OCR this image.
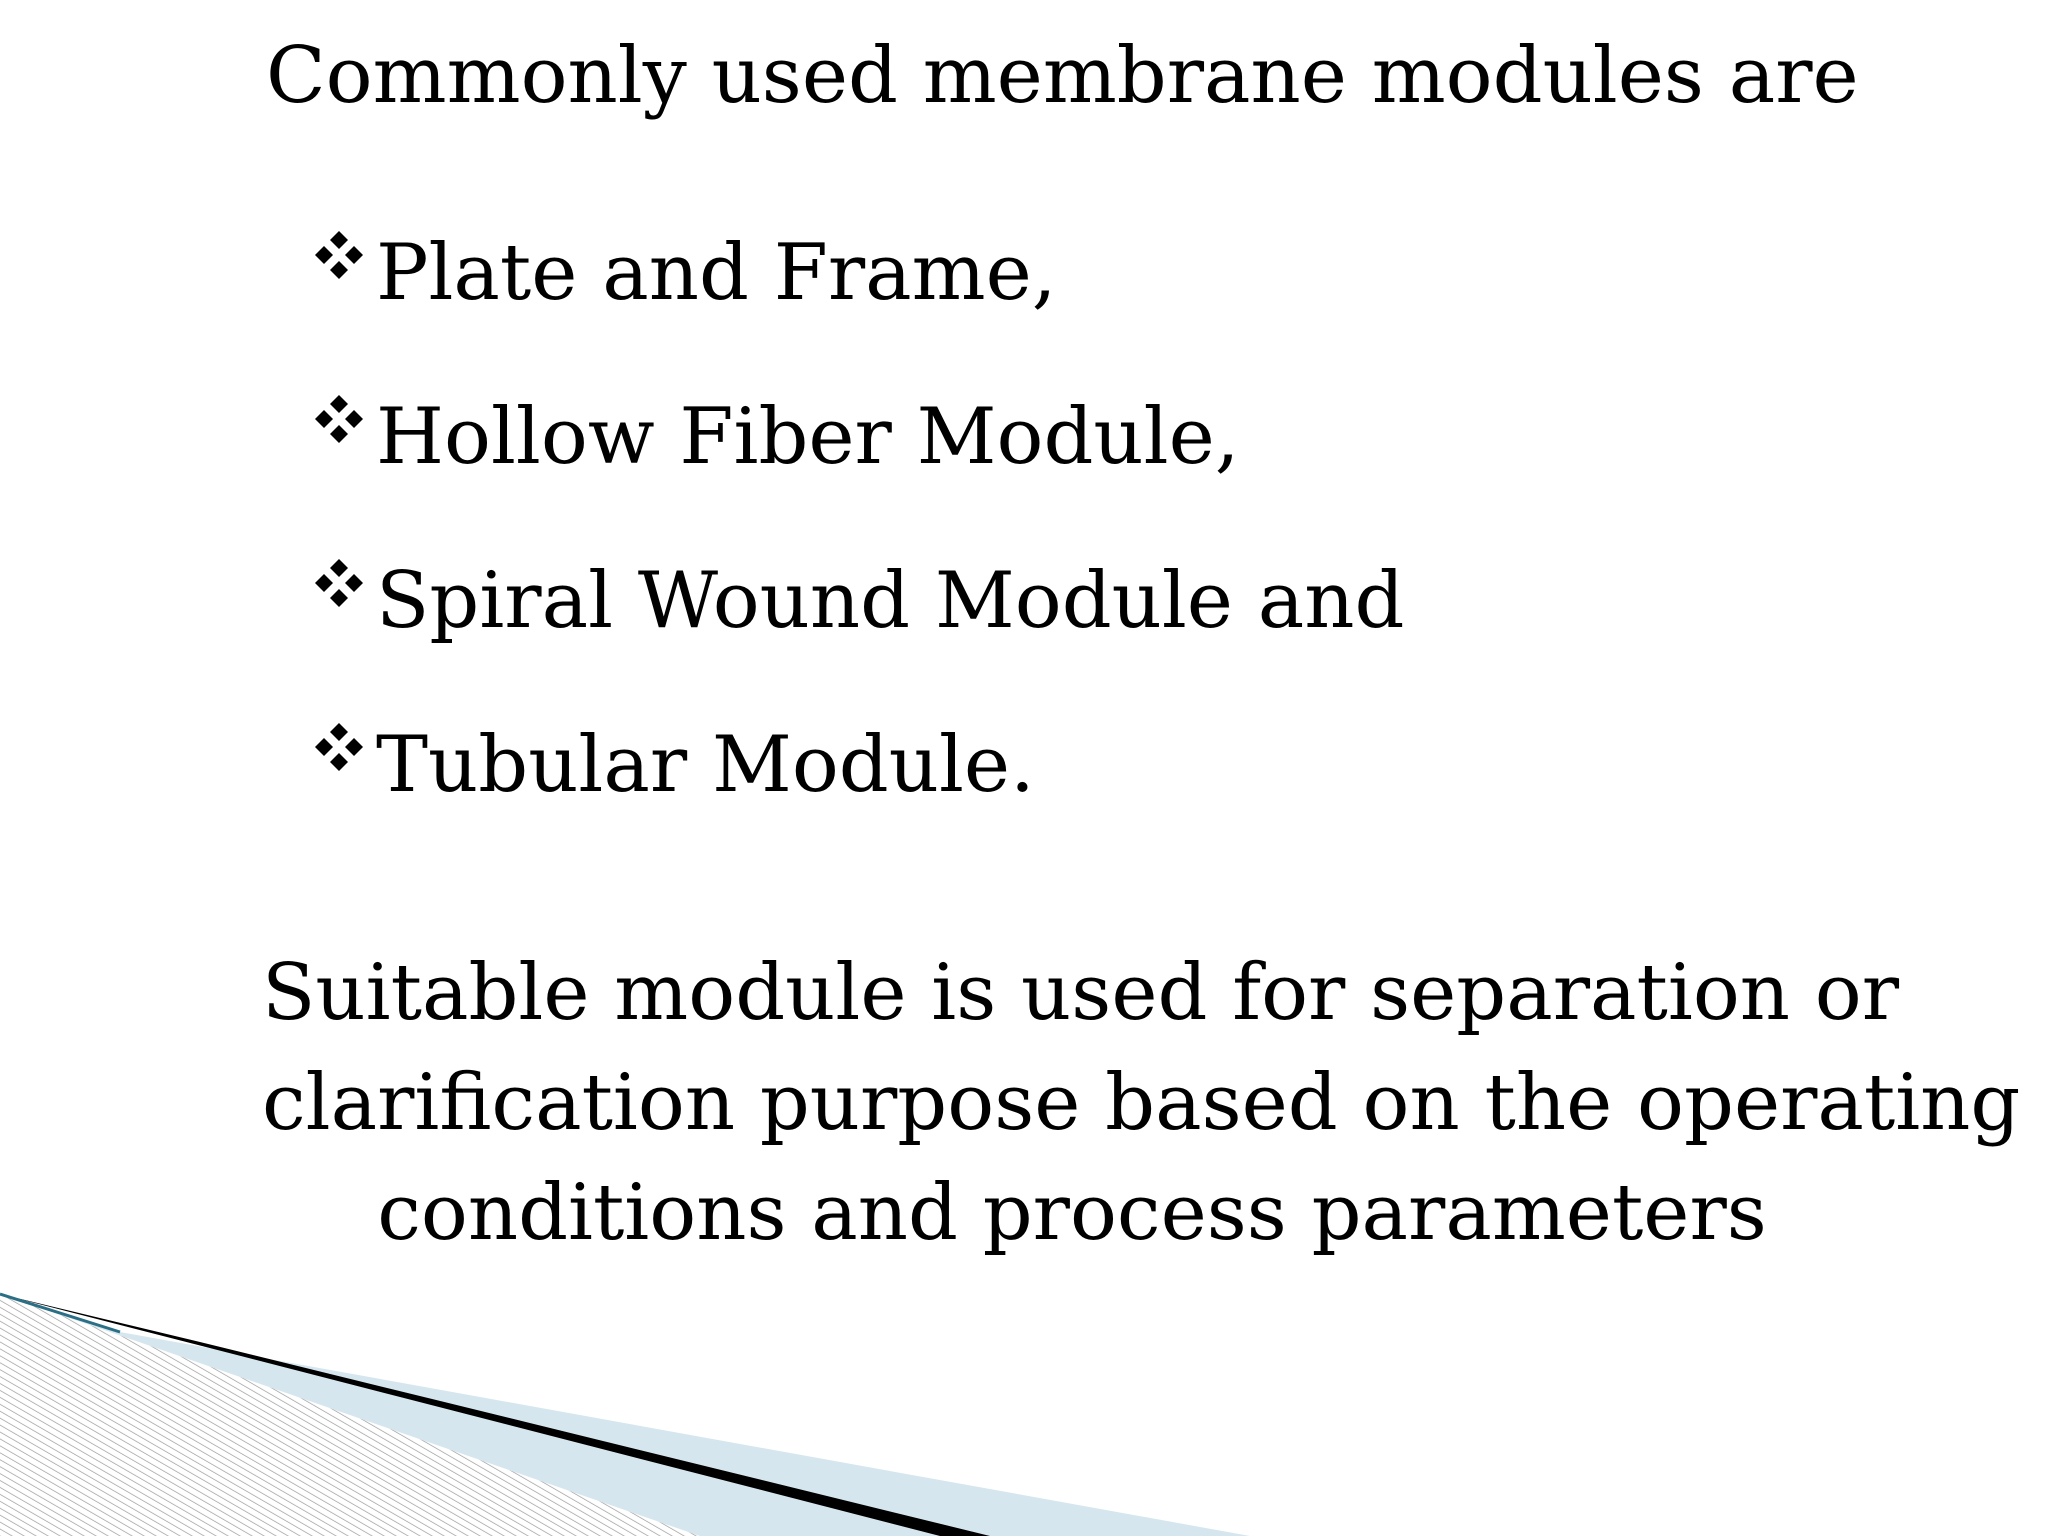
Commonly used membrane modules are
Plate and Frame,
Hollow Fiber Module,
Spiral Wound Module and
Tubular Module.
Suitable module is used for separation or
clarification purpose based on the operating
conditions and process parameters
